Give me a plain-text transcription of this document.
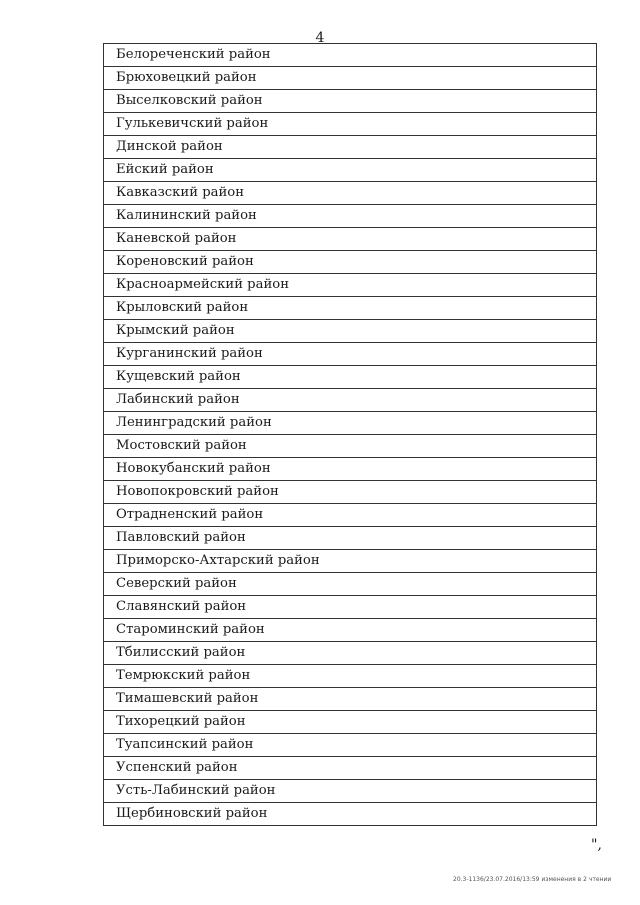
4
Белореченский район
Брюховецкий район
Выселковский район
Гулькевичский район
Динской район
Ейский район
Кавказский район
Калининский район
Каневской район
Кореновский район
Красноармейский район
Крыловский район
Крымский район
Курганинский район
Кущевский район
Лабинский район
Ленинградский район
Мостовский район
Новокубанский район
Новопокровский район
Отрадненский район
Павловский район
Приморско-Ахтарский район
Северский район
Славянский район
Староминский район
Тбилисский район
Темрюкский район
Тимашевский район
Тихорецкий район
Туапсинский район
Успенский район
Усть-Лабинский район
Щербиновский район
",
20.3-1136/23.07.2016/13:59 изменения в 2 чтении
